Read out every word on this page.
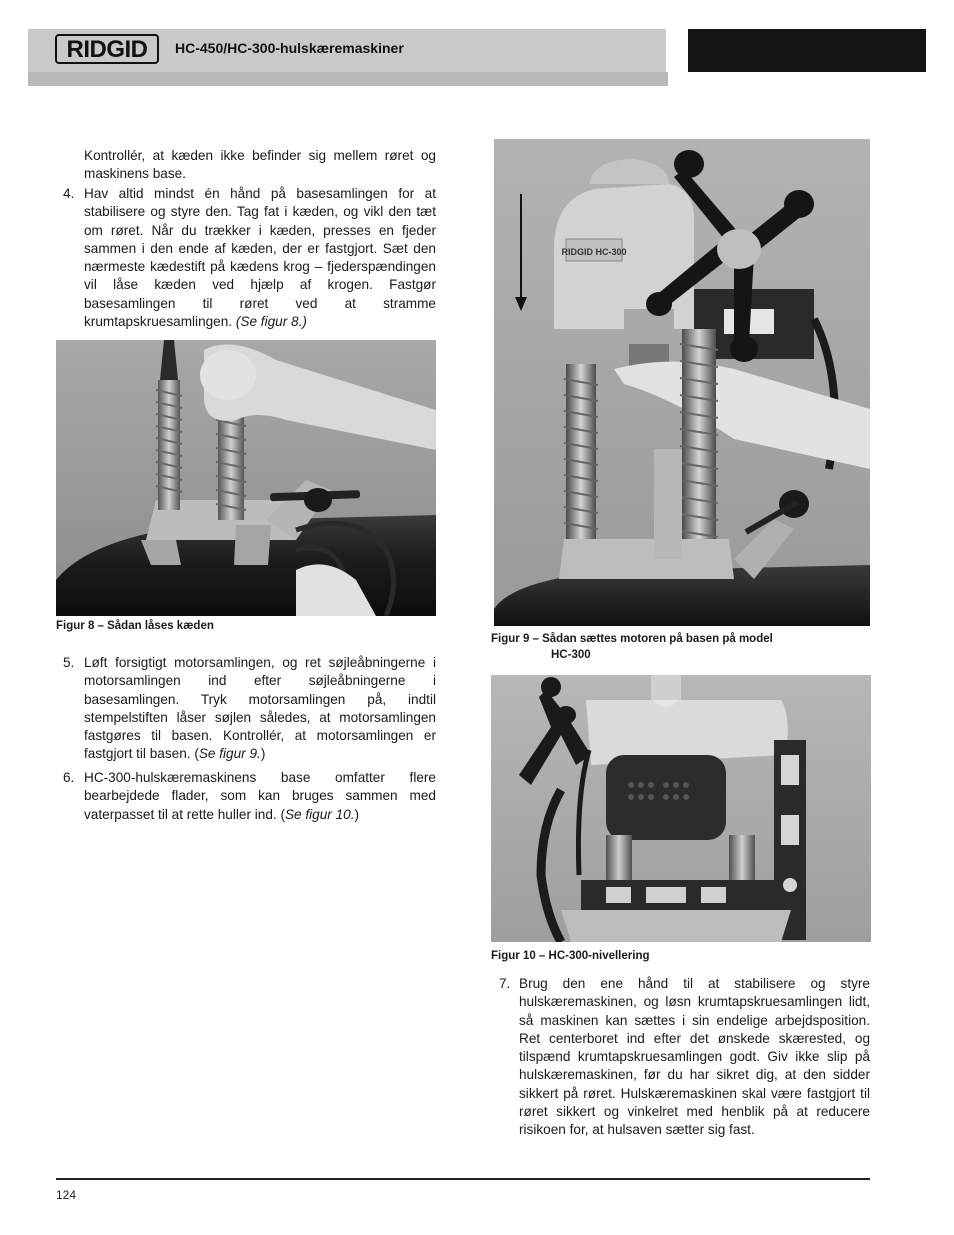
RIDGID HC-450/HC-300-hulskæremaskiner
Kontrollér, at kæden ikke befinder sig mellem røret og maskinens base.
4. Hav altid mindst én hånd på basesamlingen for at stabilisere og styre den. Tag fat i kæden, og vikl den tæt om røret. Når du trækker i kæden, presses en fjeder sammen i den ende af kæden, der er fastgjort. Sæt den nærmeste kædestift på kædens krog – fjederspændingen vil låse kæden ved hjælp af krogen. Fastgør basesamlingen til røret ved at stramme krumtapskruesamlingen. (Se figur 8.)
Figur 8 – Sådan låses kæden
5. Løft forsigtigt motorsamlingen, og ret søjleåbningerne i motorsamlingen ind efter søjleåbningerne i basesamlingen. Tryk motorsamlingen på, indtil stempelstiften låser søjlen således, at motorsamlingen fastgøres til basen. Kontrollér, at motorsamlingen er fastgjort til basen. (Se figur 9.)
6. HC-300-hulskæremaskinens base omfatter flere bearbejdede flader, som kan bruges sammen med vaterpasset til at rette huller ind. (Se figur 10.)
RIDGID HC-300
Figur 9 – Sådan sættes motoren på basen på model
HC-300
Figur 10 – HC-300-nivellering
7. Brug den ene hånd til at stabilisere og styre hulskæremaskinen, og løsn krumtapskruesamlingen lidt, så maskinen kan sættes i sin endelige arbejdsposition. Ret centerboret ind efter det ønskede skærested, og tilspænd krumtapskruesamlingen godt. Giv ikke slip på hulskæremaskinen, før du har sikret dig, at den sidder sikkert på røret. Hulskæremaskinen skal være fastgjort til røret sikkert og vinkelret med henblik på at reducere risikoen for, at hulsaven sætter sig fast.
124
